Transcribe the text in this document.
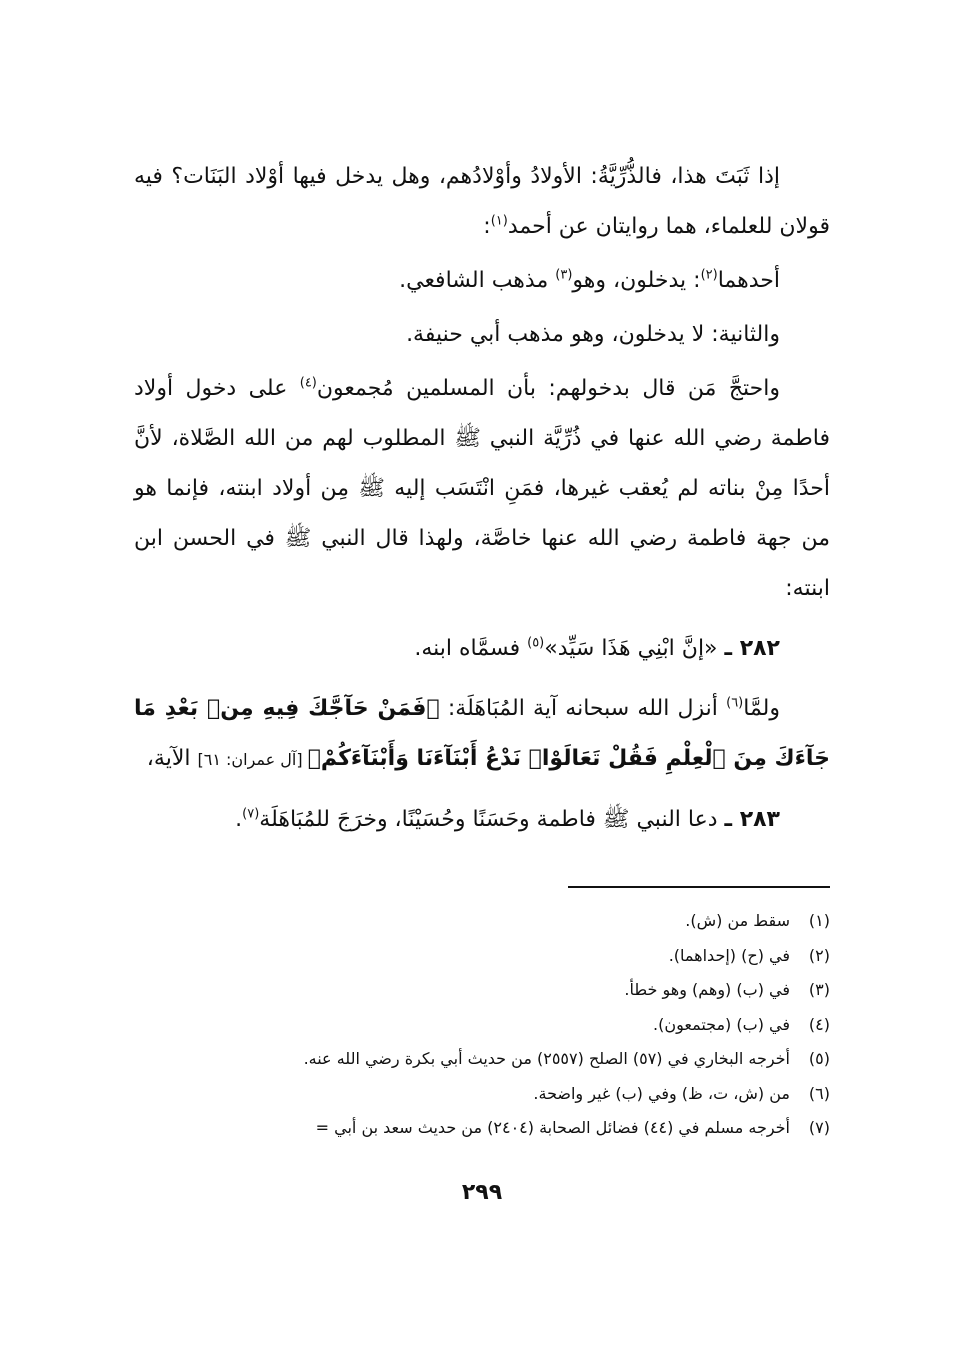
إذا ثَبَتَ هذا، فالذُّرِّيَّةُ: الأولادُ وأوْلادُهم، وهل يدخل فيها أوْلاد البَنَات؟ فيه قولان للعلماء، هما روايتان عن أحمد$^{(١)}$:

أحدهما$^{(٢)}$: يدخلون، وهو$^{(٣)}$ مذهب الشافعي.

والثانية: لا يدخلون، وهو مذهب أبي حنيفة.

واحتجَّ مَن قال بدخولهم: بأن المسلمين مُجمعون$^{(٤)}$ على دخول أولاد فاطمة رضي الله عنها في ذُرِّيَّة النبي ﷺ المطلوب لهم من الله الصَّلاة، لأنَّ أحدًا مِنْ بناته لم يُعقب غيرها، فمَنِ انْتَسَب إليه ﷺ مِن أولاد ابنته، فإنما هو من جهة فاطمة رضي الله عنها خاصَّة، ولهذا قال النبي ﷺ في الحسن ابن ابنته:

٢٨٢ ـ «إنَّ ابْنِي هَذَا سَيِّد»$^{(٥)}$ فسمَّاه ابنه.

ولمَّا$^{(٦)}$ أنزل الله سبحانه آية المُبَاهَلَة: ﴿فَمَنْ حَآجَّكَ فِيهِ مِنۢ بَعْدِ مَا جَآءَكَ مِنَ ٱلْعِلْمِ فَقُلْ تَعَالَوْا۟ نَدْعُ أَبْنَآءَنَا وَأَبْنَآءَكُمْ﴾ [آل عمران: ٦١] الآية،

٢٨٣ ـ دعا النبي ﷺ فاطمة وحَسَنًا وحُسَيْنًا، وخرَجَ للمُبَاهَلَة$^{(٧)}$.

(١)سقط من (ش).
(٢)في (ح) (إحداهما).
(٣)في (ب) (وهم) وهو خطأ.
(٤)في (ب) (مجتمعون).
(٥)أخرجه البخاري في (٥٧) الصلح (٢٥٥٧) من حديث أبي بكرة رضي الله عنه.
(٦)من (ش، ت، ظ) وفي (ب) غير واضحة.
(٧)أخرجه مسلم في (٤٤) فضائل الصحابة (٢٤٠٤) من حديث سعد بن أبي =
٢٩٩
